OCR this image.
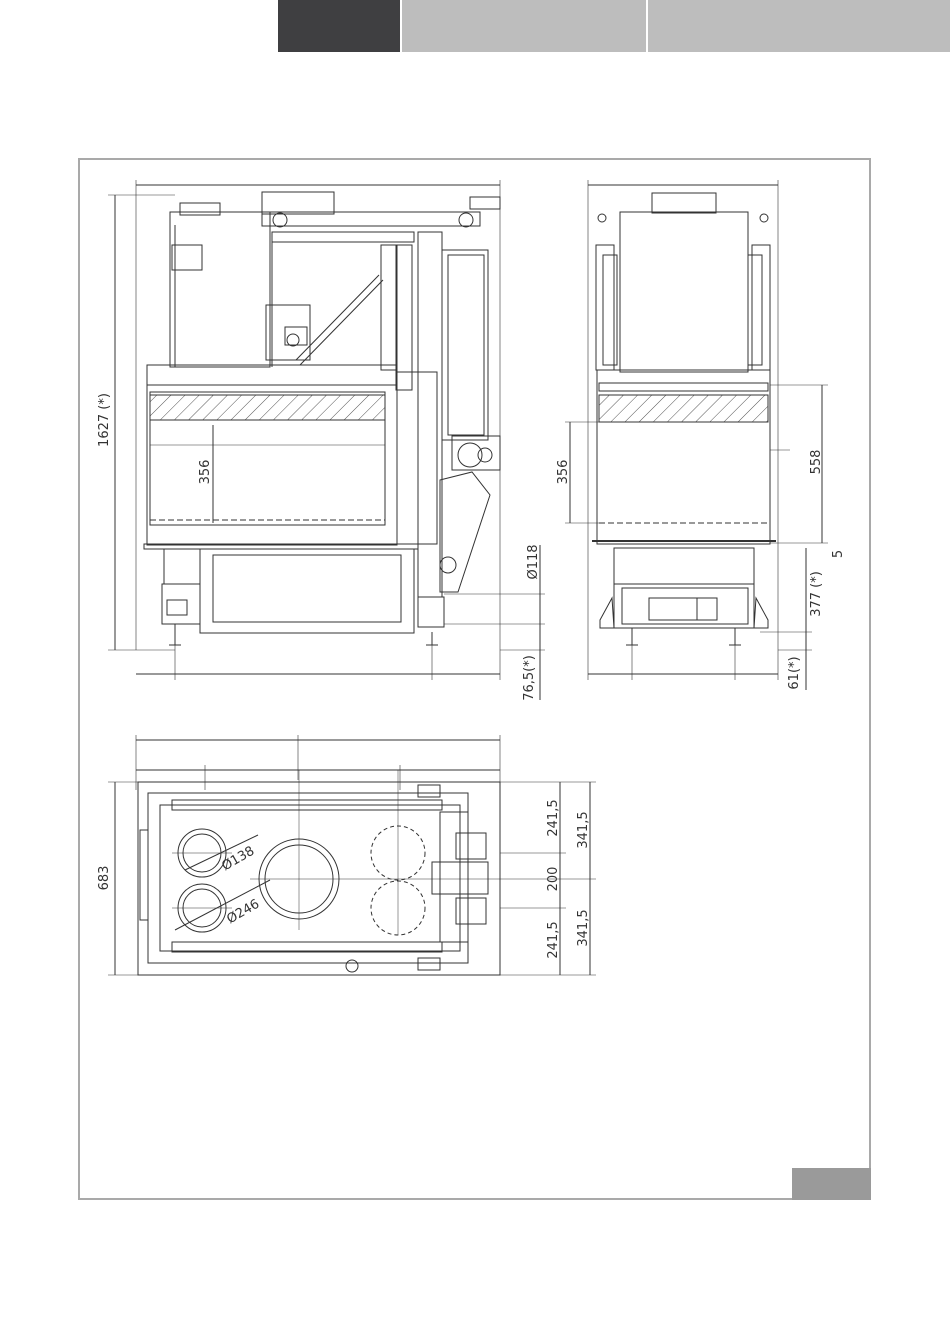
1627 (*)
356
Ø118
76,5(*)
356	558
5
377 (*)
61(*)
683
Ø138
Ø246
241,5
200
241,5
341,5
341,5
